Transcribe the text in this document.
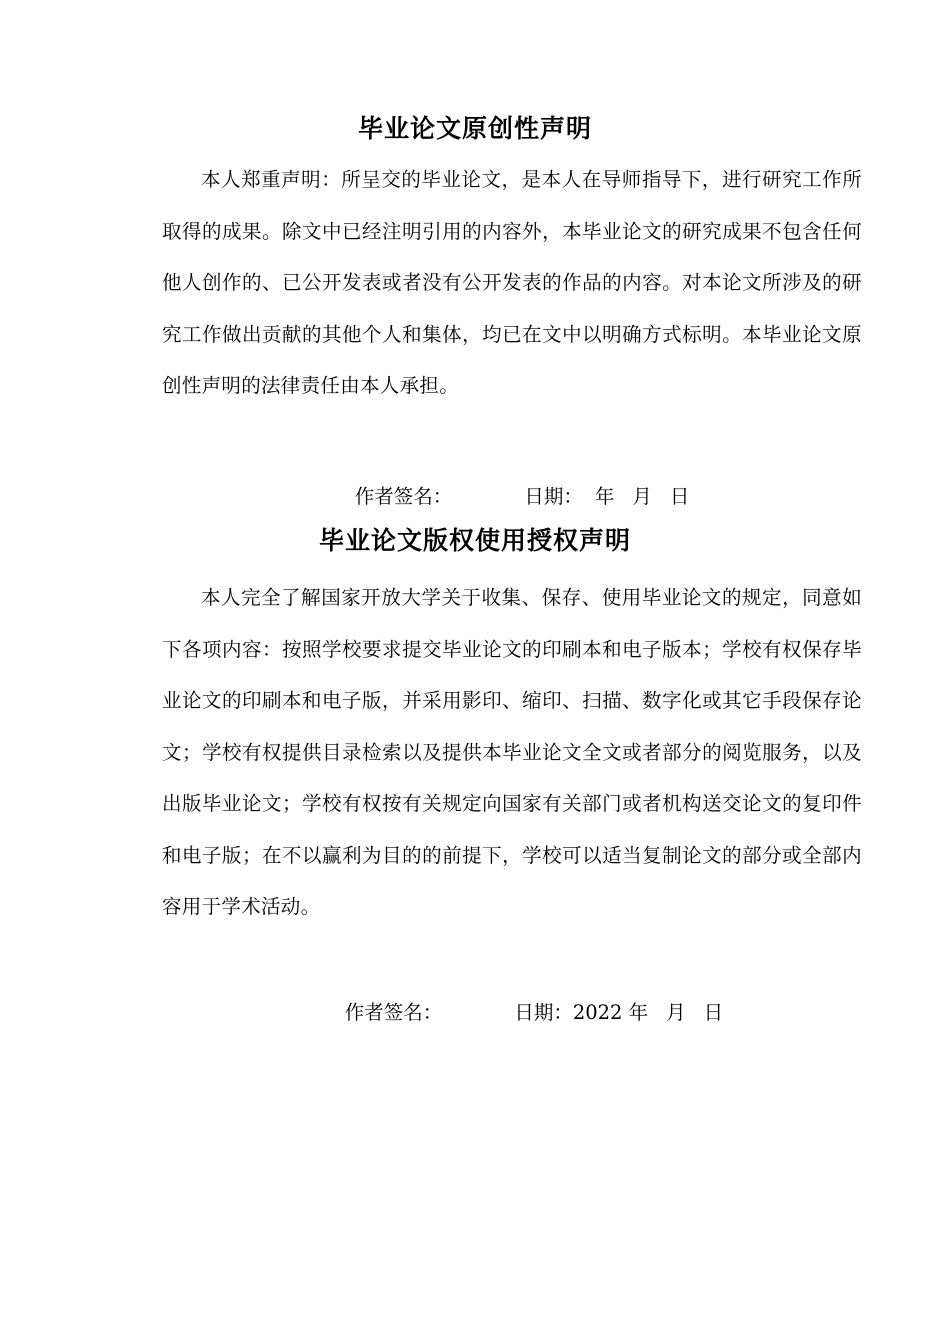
毕业论文原创性声明

本人郑重声明：所呈交的毕业论文，是本人在导师指导下，进行研究工作所取得的成果。除文中已经注明引用的内容外，本毕业论文的研究成果不包含任何他人创作的、已公开发表或者没有公开发表的作品的内容。对本论文所涉及的研究工作做出贡献的其他个人和集体，均已在文中以明确方式标明。本毕业论文原创性声明的法律责任由本人承担。

作者签名：	日期： 年 月 日

毕业论文版权使用授权声明

本人完全了解国家开放大学关于收集、保存、使用毕业论文的规定，同意如下各项内容：按照学校要求提交毕业论文的印刷本和电子版本；学校有权保存毕业论文的印刷本和电子版，并采用影印、缩印、扫描、数字化或其它手段保存论文；学校有权提供目录检索以及提供本毕业论文全文或者部分的阅览服务，以及出版毕业论文；学校有权按有关规定向国家有关部门或者机构送交论文的复印件和电子版；在不以赢利为目的的前提下，学校可以适当复制论文的部分或全部内容用于学术活动。

作者签名：	日期：2022 年 月 日
